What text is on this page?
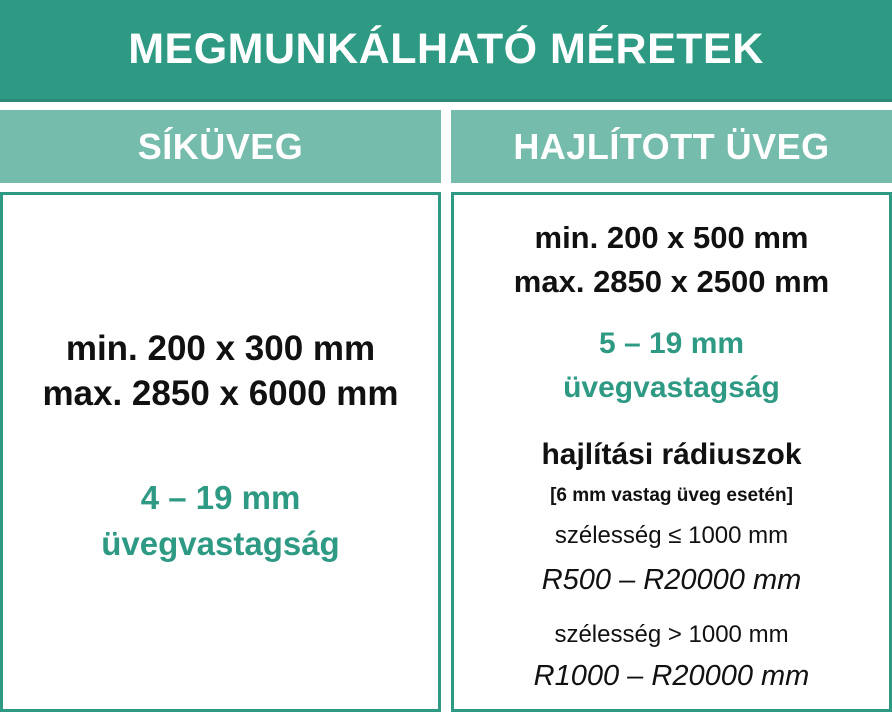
MEGMUNKÁLHATÓ MÉRETEK
SÍKÜVEG	HAJLÍTOTT ÜVEG

min. 200 x 300 mm

max. 2850 x 6000 mm

4 – 19 mm

üvegvastagság

min. 200 x 500 mm

max. 2850 x 2500 mm

5 – 19 mm

üvegvastagság

hajlítási rádiuszok

[6 mm vastag üveg esetén]

szélesség ≤ 1000 mm

R500 – R20000 mm

szélesség > 1000 mm

R1000 – R20000 mm
